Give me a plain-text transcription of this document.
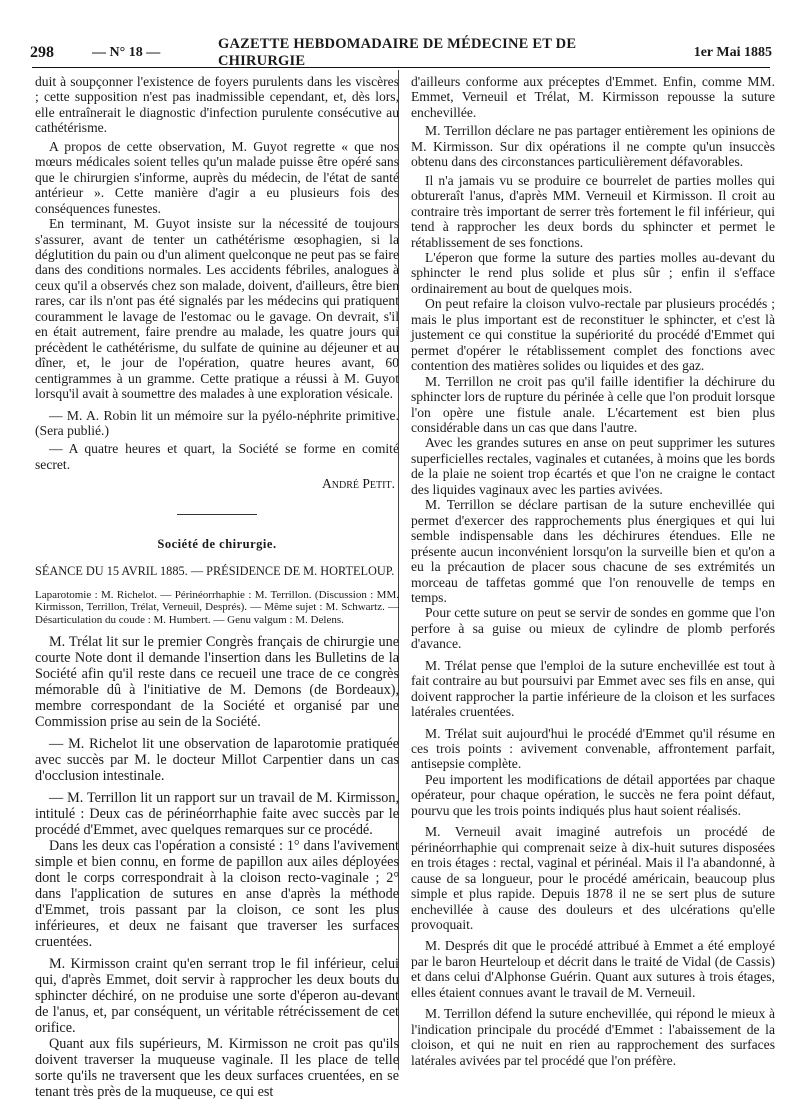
298	— N° 18 —
GAZETTE HEBDOMADAIRE DE MÉDECINE ET DE CHIRURGIE
1er Mai 1885

duit à soupçonner l'existence de foyers purulents dans les viscères ; cette supposition n'est pas inadmissible cependant, et, dès lors, elle entraînerait le diagnostic d'infection purulente consécutive au cathétérisme.

A propos de cette observation, M. Guyot regrette « que nos mœurs médicales soient telles qu'un malade puisse être opéré sans que le chirurgien s'informe, auprès du médecin, de l'état de santé antérieur ». Cette manière d'agir a eu plusieurs fois des conséquences funestes.

En terminant, M. Guyot insiste sur la nécessité de toujours s'assurer, avant de tenter un cathétérisme œsophagien, si la déglutition du pain ou d'un aliment quelconque ne peut pas se faire dans des conditions normales. Les accidents fébriles, analogues à ceux qu'il a observés chez son malade, doivent, d'ailleurs, être bien rares, car ils n'ont pas été signalés par les médecins qui pratiquent couramment le lavage de l'estomac ou le gavage. On devrait, s'il en était autrement, faire prendre au malade, les quatre jours qui précèdent le cathétérisme, du sulfate de quinine au déjeuner et au dîner, et, le jour de l'opération, quatre heures avant, 60 centigrammes à un gramme. Cette pratique a réussi à M. Guyot lorsqu'il avait à soumettre des malades à une exploration vésicale.

— M. A. Robin lit un mémoire sur la pyélo-néphrite primitive. (Sera publié.)

— A quatre heures et quart, la Société se forme en comité secret.

André Petit.
Société de chirurgie.

SÉANCE DU 15 AVRIL 1885. — PRÉSIDENCE DE M. HORTELOUP.

Laparotomie : M. Richelot. — Périnéorrhaphie : M. Terrillon. (Discussion : MM. Kirmisson, Terrillon, Trélat, Verneuil, Després). — Même sujet : M. Schwartz. — Désarticulation du coude : M. Humbert. — Genu valgum : M. Delens.

M. Trélat lit sur le premier Congrès français de chirurgie une courte Note dont il demande l'insertion dans les Bulletins de la Société afin qu'il reste dans ce recueil une trace de ce congrès mémorable dû à l'initiative de M. Demons (de Bordeaux), membre correspondant de la Société et organisé par une Commission prise au sein de la Société.

— M. Richelot lit une observation de laparotomie pratiquée avec succès par M. le docteur Millot Carpentier dans un cas d'occlusion intestinale.

— M. Terrillon lit un rapport sur un travail de M. Kirmisson, intitulé : Deux cas de périnéorrhaphie faite avec succès par le procédé d'Emmet, avec quelques remarques sur ce procédé.

Dans les deux cas l'opération a consisté : 1° dans l'avivement simple et bien connu, en forme de papillon aux ailes déployées dont le corps correspondrait à la cloison recto-vaginale ; 2° dans l'application de sutures en anse d'après la méthode d'Emmet, trois passant par la cloison, ce sont les plus inférieures, et deux ne faisant que traverser les surfaces cruentées.

M. Kirmisson craint qu'en serrant trop le fil inférieur, celui qui, d'après Emmet, doit servir à rapprocher les deux bouts du sphincter déchiré, on ne produise une sorte d'éperon au-devant de l'anus, et, par conséquent, un véritable rétrécissement de cet orifice.

Quant aux fils supérieurs, M. Kirmisson ne croit pas qu'ils doivent traverser la muqueuse vaginale. Il les place de telle sorte qu'ils ne traversent que les deux surfaces cruentées, en se tenant très près de la muqueuse, ce qui est

d'ailleurs conforme aux préceptes d'Emmet. Enfin, comme MM. Emmet, Verneuil et Trélat, M. Kirmisson repousse la suture enchevillée.

M. Terrillon déclare ne pas partager entièrement les opinions de M. Kirmisson. Sur dix opérations il ne compte qu'un insuccès obtenu dans des circonstances particulièrement défavorables.

Il n'a jamais vu se produire ce bourrelet de parties molles qui obtureraît l'anus, d'après MM. Verneuil et Kirmisson. Il croit au contraire très important de serrer très fortement le fil inférieur, qui tend à rapprocher les deux bords du sphincter et permet le rétablissement de ses fonctions.

L'éperon que forme la suture des parties molles au-devant du sphincter le rend plus solide et plus sûr ; enfin il s'efface ordinairement au bout de quelques mois.

On peut refaire la cloison vulvo-rectale par plusieurs procédés ; mais le plus important est de reconstituer le sphincter, et c'est là justement ce qui constitue la supériorité du procédé d'Emmet qui permet d'opérer le rétablissement complet des fonctions avec contention des matières solides ou liquides et des gaz.

M. Terrillon ne croit pas qu'il faille identifier la déchirure du sphincter lors de rupture du périnée à celle que l'on produit lorsque l'on opère une fistule anale. L'écartement est bien plus considérable dans un cas que dans l'autre.

Avec les grandes sutures en anse on peut supprimer les sutures superficielles rectales, vaginales et cutanées, à moins que les bords de la plaie ne soient trop écartés et que l'on ne craigne le contact des liquides vaginaux avec les parties avivées.

M. Terrillon se déclare partisan de la suture enchevillée qui permet d'exercer des rapprochements plus énergiques et qui lui semble indispensable dans les déchirures étendues. Elle ne présente aucun inconvénient lorsqu'on la surveille bien et qu'on a eu la précaution de placer sous chacune de ses extrémités un morceau de taffetas gommé que l'on renouvelle de temps en temps.

Pour cette suture on peut se servir de sondes en gomme que l'on perfore à sa guise ou mieux de cylindre de plomb perforés d'avance.

M. Trélat pense que l'emploi de la suture enchevillée est tout à fait contraire au but poursuivi par Emmet avec ses fils en anse, qui doivent rapprocher la partie inférieure de la cloison et les surfaces latérales cruentées.

M. Trélat suit aujourd'hui le procédé d'Emmet qu'il résume en ces trois points : avivement convenable, affrontement parfait, antisepsie complète.

Peu importent les modifications de détail apportées par chaque opérateur, pour chaque opération, le succès ne fera point défaut, pourvu que les trois points indiqués plus haut soient réalisés.

M. Verneuil avait imaginé autrefois un procédé de périnéorrhaphie qui comprenait seize à dix-huit sutures disposées en trois étages : rectal, vaginal et périnéal. Mais il l'a abandonné, à cause de sa longueur, pour le procédé américain, beaucoup plus simple et plus rapide. Depuis 1878 il ne se sert plus de suture enchevillée à cause des douleurs et des ulcérations qu'elle provoquait.

M. Després dit que le procédé attribué à Emmet a été employé par le baron Heurteloup et décrit dans le traité de Vidal (de Cassis) et dans celui d'Alphonse Guérin. Quant aux sutures à trois étages, elles étaient connues avant le travail de M. Verneuil.

M. Terrillon défend la suture enchevillée, qui répond le mieux à l'indication principale du procédé d'Emmet : l'abaissement de la cloison, et qui ne nuit en rien au rapprochement des surfaces latérales avivées par tel procédé que l'on préfère.
